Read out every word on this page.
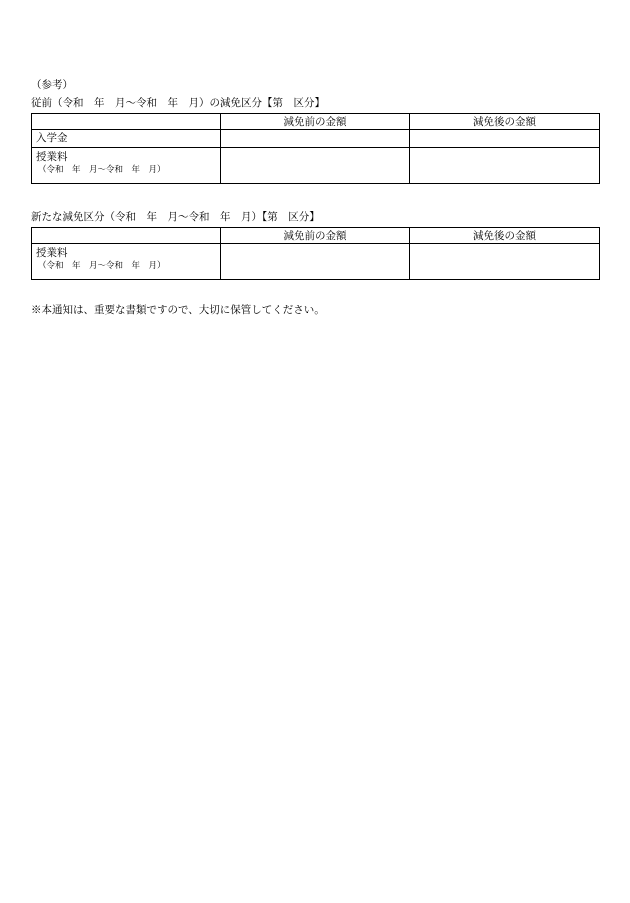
（参考）
従前（令和　年　月～令和　年　月）の減免区分【第　区分】
	減免前の金額	減免後の金額
入学金		
授業料
（令和　年　月～令和　年　月）		

新たな減免区分（令和　年　月～令和　年　月）【第　区分】
	減免前の金額	減免後の金額
授業料
（令和　年　月～令和　年　月）		

※本通知は、重要な書類ですので、大切に保管してください。
